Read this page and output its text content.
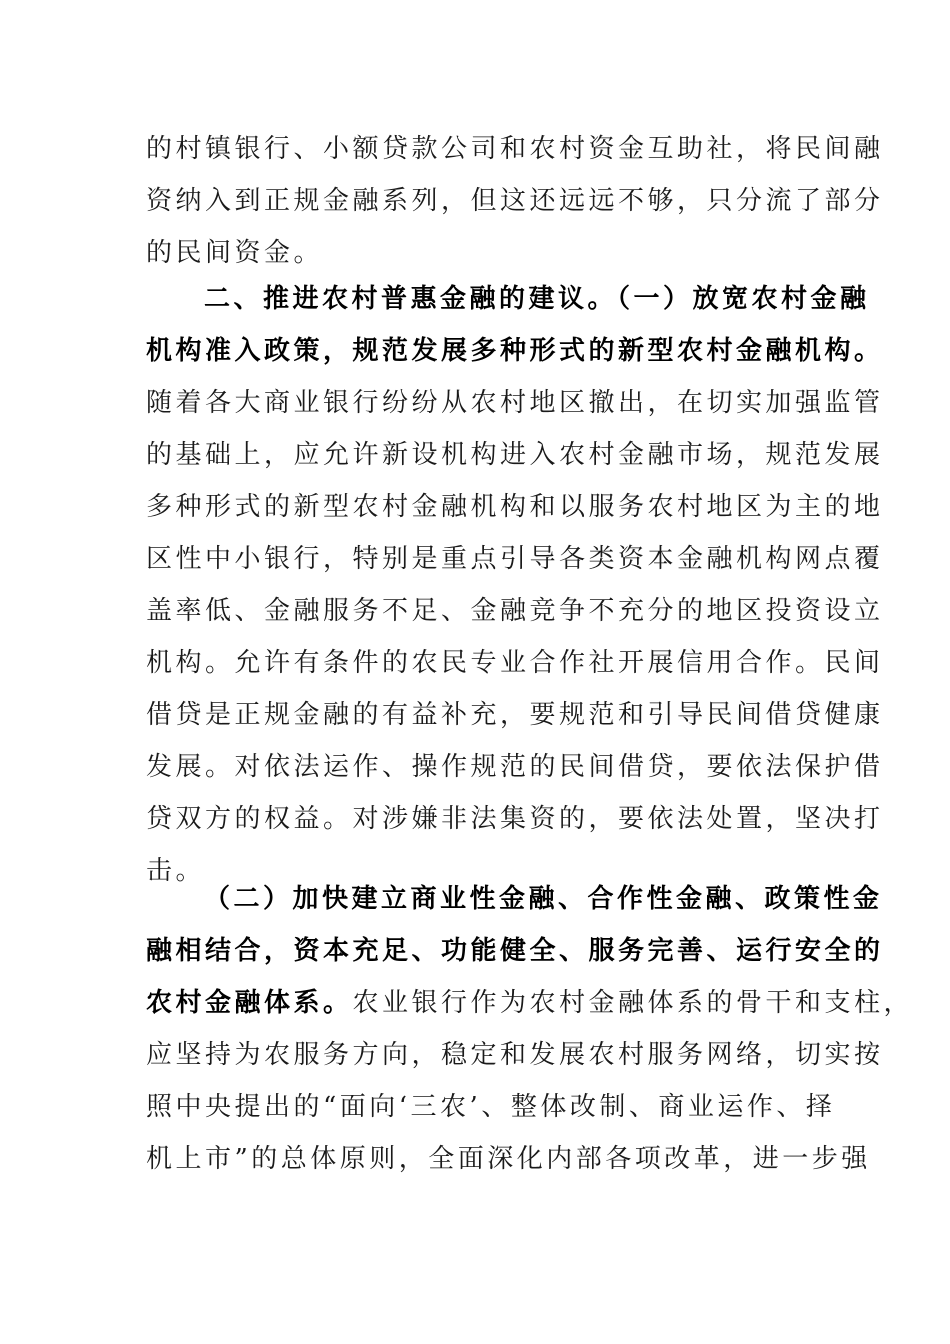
的村镇银行、小额贷款公司和农村资金互助社，将民间融
资纳入到正规金融系列，但这还远远不够，只分流了部分
的民间资金。
二、推进农村普惠金融的建议。（一）放宽农村金融
机构准入政策，规范发展多种形式的新型农村金融机构。
随着各大商业银行纷纷从农村地区撤出，在切实加强监管
的基础上，应允许新设机构进入农村金融市场，规范发展
多种形式的新型农村金融机构和以服务农村地区为主的地
区性中小银行，特别是重点引导各类资本金融机构网点覆
盖率低、金融服务不足、金融竞争不充分的地区投资设立
机构。允许有条件的农民专业合作社开展信用合作。民间
借贷是正规金融的有益补充，要规范和引导民间借贷健康
发展。对依法运作、操作规范的民间借贷，要依法保护借
贷双方的权益。对涉嫌非法集资的，要依法处置，坚决打
击。
（二）加快建立商业性金融、合作性金融、政策性金
融相结合，资本充足、功能健全、服务完善、运行安全的
农村金融体系。农业银行作为农村金融体系的骨干和支柱，
应坚持为农服务方向，稳定和发展农村服务网络，切实按
照中央提出的“面向‘三农’、整体改制、商业运作、择
机上市”的总体原则，全面深化内部各项改革，进一步强
